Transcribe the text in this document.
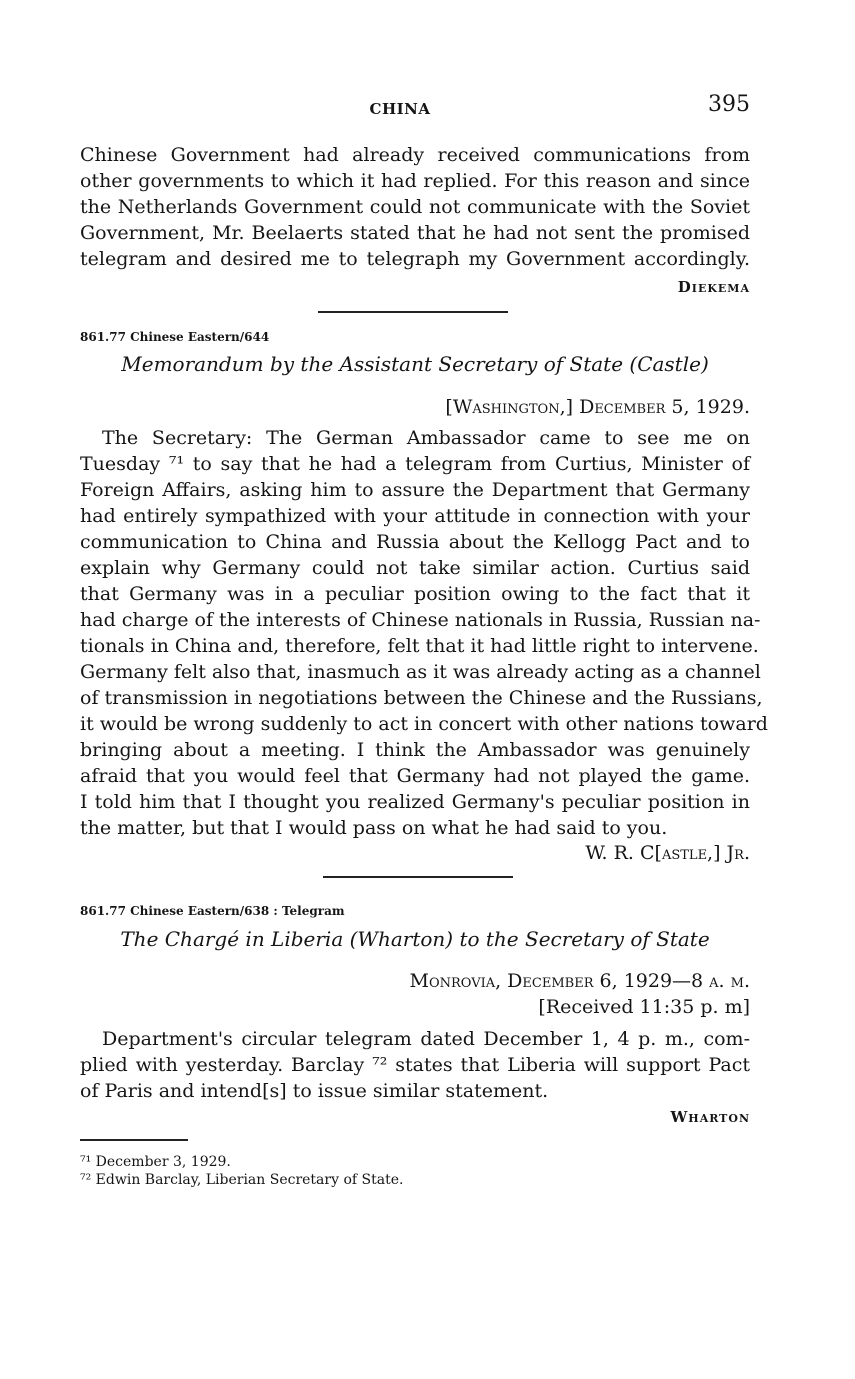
CHINA	395
Chinese Government had already received communications from
other governments to which it had replied. For this reason and since
the Netherlands Government could not communicate with the Soviet
Government, Mr. Beelaerts stated that he had not sent the promised
telegram and desired me to telegraph my Government accordingly.
Diekema
861.77 Chinese Eastern/644
Memorandum by the Assistant Secretary of State (Castle)
[Washington,] December 5, 1929.
The Secretary: The German Ambassador came to see me on
Tuesday ⁷¹ to say that he had a telegram from Curtius, Minister of
Foreign Affairs, asking him to assure the Department that Germany
had entirely sympathized with your attitude in connection with your
communication to China and Russia about the Kellogg Pact and to
explain why Germany could not take similar action. Curtius said
that Germany was in a peculiar position owing to the fact that it
had charge of the interests of Chinese nationals in Russia, Russian na-
tionals in China and, therefore, felt that it had little right to intervene.
Germany felt also that, inasmuch as it was already acting as a channel
of transmission in negotiations between the Chinese and the Russians,
it would be wrong suddenly to act in concert with other nations toward
bringing about a meeting. I think the Ambassador was genuinely
afraid that you would feel that Germany had not played the game.
I told him that I thought you realized Germany's peculiar position in
the matter, but that I would pass on what he had said to you.
W. R. C[astle,] Jr.
861.77 Chinese Eastern/638 : Telegram
The Chargé in Liberia (Wharton) to the Secretary of State
Monrovia, December 6, 1929—8 a. m.
[Received 11:35 p. m]
Department's circular telegram dated December 1, 4 p. m., com-
plied with yesterday. Barclay ⁷² states that Liberia will support Pact
of Paris and intend[s] to issue similar statement.
Wharton
⁷¹ December 3, 1929.
⁷² Edwin Barclay, Liberian Secretary of State.
